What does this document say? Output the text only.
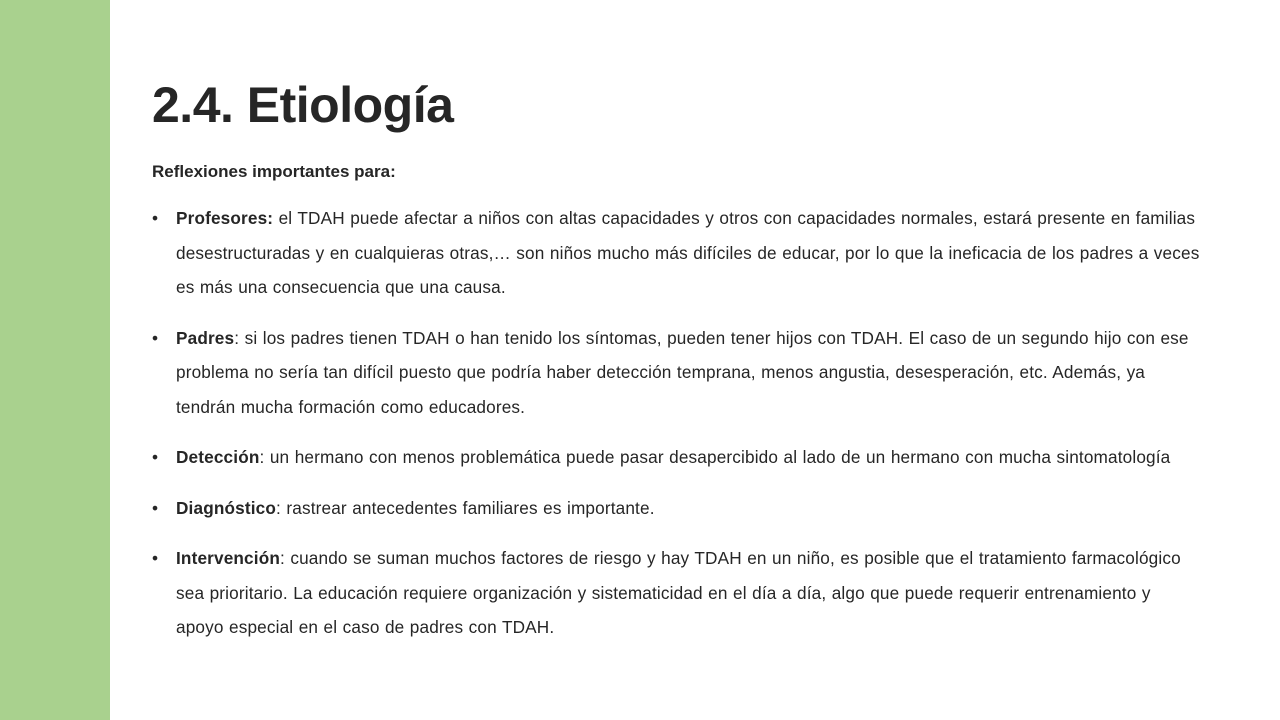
2.4. Etiología

Reflexiones importantes para:

• Profesores: el TDAH puede afectar a niños con altas capacidades y otros con capacidades normales, estará presente en familias desestructuradas y en cualquieras otras,… son niños mucho más difíciles de educar, por lo que la ineficacia de los padres a veces es más una consecuencia que una causa.
• Padres: si los padres tienen TDAH o han tenido los síntomas, pueden tener hijos con TDAH. El caso de un segundo hijo con ese problema no sería tan difícil puesto que podría haber detección temprana, menos angustia, desesperación, etc. Además, ya tendrán mucha formación como educadores.
• Detección: un hermano con menos problemática puede pasar desapercibido al lado de un hermano con mucha sintomatología
• Diagnóstico: rastrear antecedentes familiares es importante.
• Intervención: cuando se suman muchos factores de riesgo y hay TDAH en un niño, es posible que el tratamiento farmacológico sea prioritario. La educación requiere organización y sistematicidad en el día a día, algo que puede requerir entrenamiento y apoyo especial en el caso de padres con TDAH.
